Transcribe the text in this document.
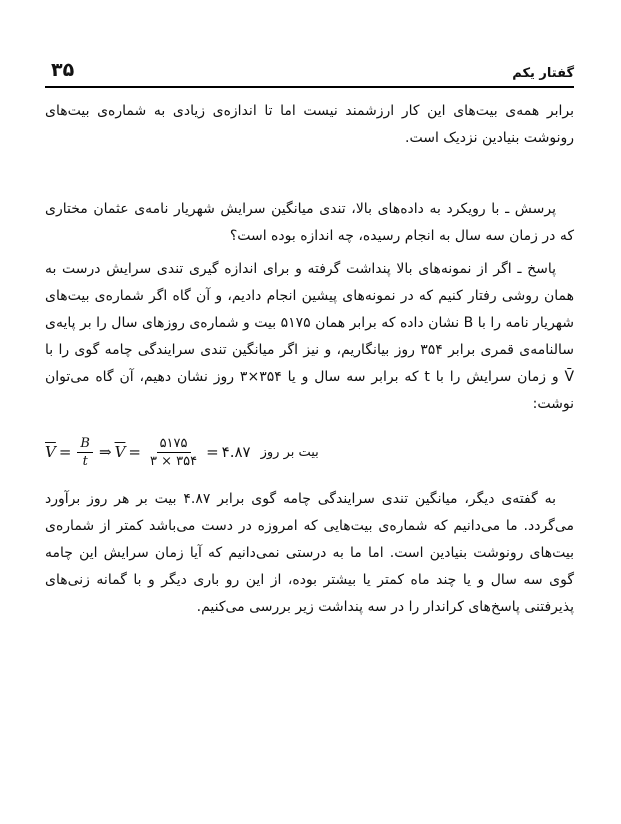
گفتار یکم
۳۵

برابر همه‌ی بیت‌های این کار ارزشمند نیست اما تا اندازه‌ی زیادی به شماره‌ی بیت‌های رونوشت بنیادین نزدیک است.

پرسش ـ با رویکرد به داده‌های بالا، تندی میانگین سرایش شهریار نامه‌ی عثمان مختاری که در زمان سه سال به انجام رسیده، چه اندازه بوده است؟

پاسخ ـ اگر از نمونه‌های بالا پنداشت گرفته و برای اندازه گیری تندی سرایش درست به همان روشی رفتار کنیم که در نمونه‌های پیشین انجام دادیم، و آن گاه اگر شماره‌ی بیت‌های شهریار نامه را با B نشان داده که برابر همان ۵۱۷۵ بیت و شماره‌ی روزهای سال را بر پایه‌ی سالنامه‌ی قمری برابر ۳۵۴ روز بیانگاریم، و نیز اگر میانگین تندی سرایندگی چامه گوی را با V̄ و زمان سرایش را با t که برابر سه سال و یا ۳۵۴×۳ روز نشان دهیم، آن گاه می‌توان نوشت:

$\overline{V} = \frac{B}{t}$ ⇒ $\overline{V} = \frac{۵۱۷۵}{۳ \times ۳۵۴}$ = ۴.۸۷ بیت بر روز

به گفته‌ی دیگر، میانگین تندی سرایندگی چامه گوی برابر ۴.۸۷ بیت بر هر روز برآورد می‌گردد. ما می‌دانیم که شماره‌ی بیت‌هایی که امروزه در دست می‌باشد کمتر از شماره‌ی بیت‌های رونوشت بنیادین است. اما ما به درستی نمی‌دانیم که آیا زمان سرایش این چامه گوی سه سال و یا چند ماه کمتر یا بیشتر بوده، از این رو باری دیگر و با گمانه زنی‌های پذیرفتنی پاسخ‌های کراندار را در سه پنداشت زیر بررسی می‌کنیم.
